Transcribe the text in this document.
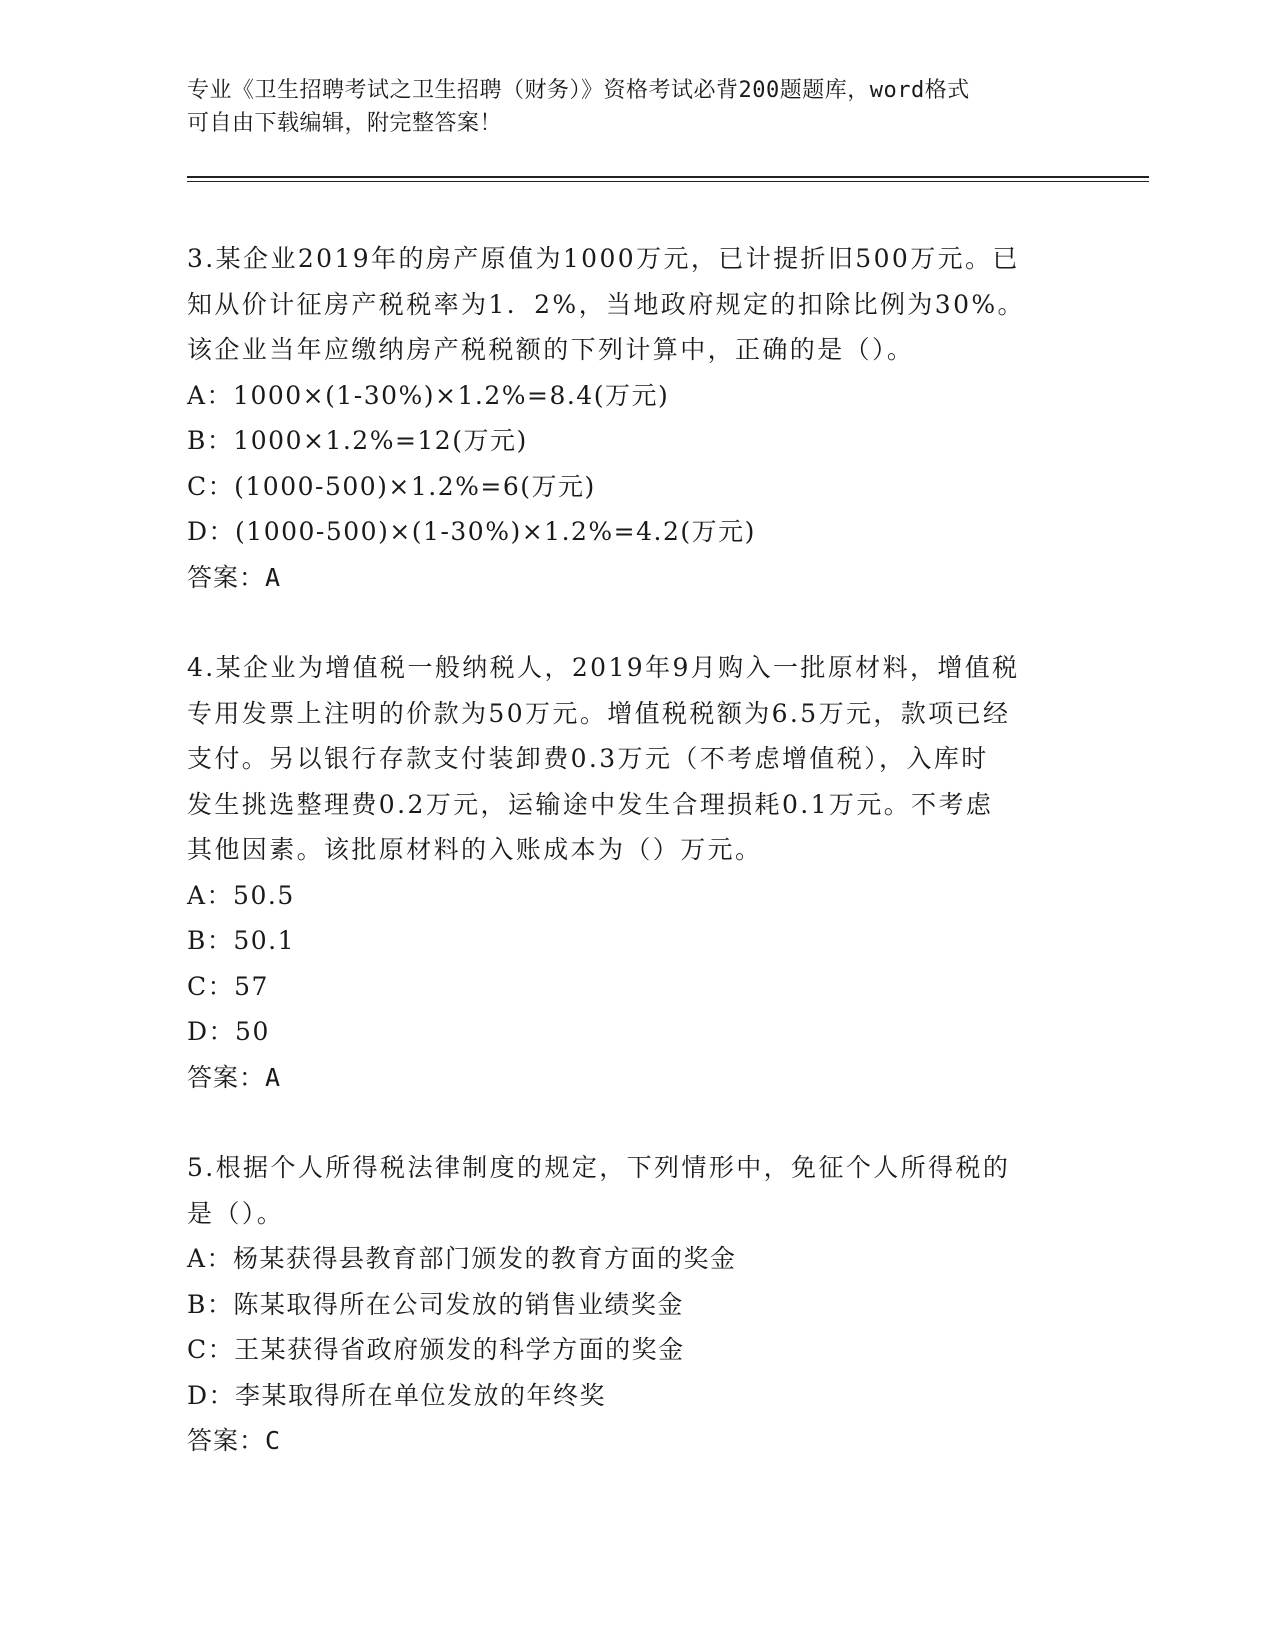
专业《卫生招聘考试之卫生招聘（财务）》资格考试必背200题题库，word格式
可自由下载编辑，附完整答案！
3.某企业2019年的房产原值为1000万元，已计提折旧500万元。已
知从价计征房产税税率为1．2%，当地政府规定的扣除比例为30%。
该企业当年应缴纳房产税税额的下列计算中，正确的是（）。
A：1000×(1-30%)×1.2%=8.4(万元)
B：1000×1.2%=12(万元)
C：(1000-500)×1.2%=6(万元)
D：(1000-500)×(1-30%)×1.2%=4.2(万元)
答案：A
4.某企业为增值税一般纳税人，2019年9月购入一批原材料，增值税
专用发票上注明的价款为50万元。增值税税额为6.5万元，款项已经
支付。另以银行存款支付装卸费0.3万元（不考虑增值税），入库时
发生挑选整理费0.2万元，运输途中发生合理损耗0.1万元。不考虑
其他因素。该批原材料的入账成本为（）万元。
A：50.5
B：50.1
C：57
D：50
答案：A
5.根据个人所得税法律制度的规定，下列情形中，免征个人所得税的
是（）。
A：杨某获得县教育部门颁发的教育方面的奖金
B：陈某取得所在公司发放的销售业绩奖金
C：王某获得省政府颁发的科学方面的奖金
D：李某取得所在单位发放的年终奖
答案：C
